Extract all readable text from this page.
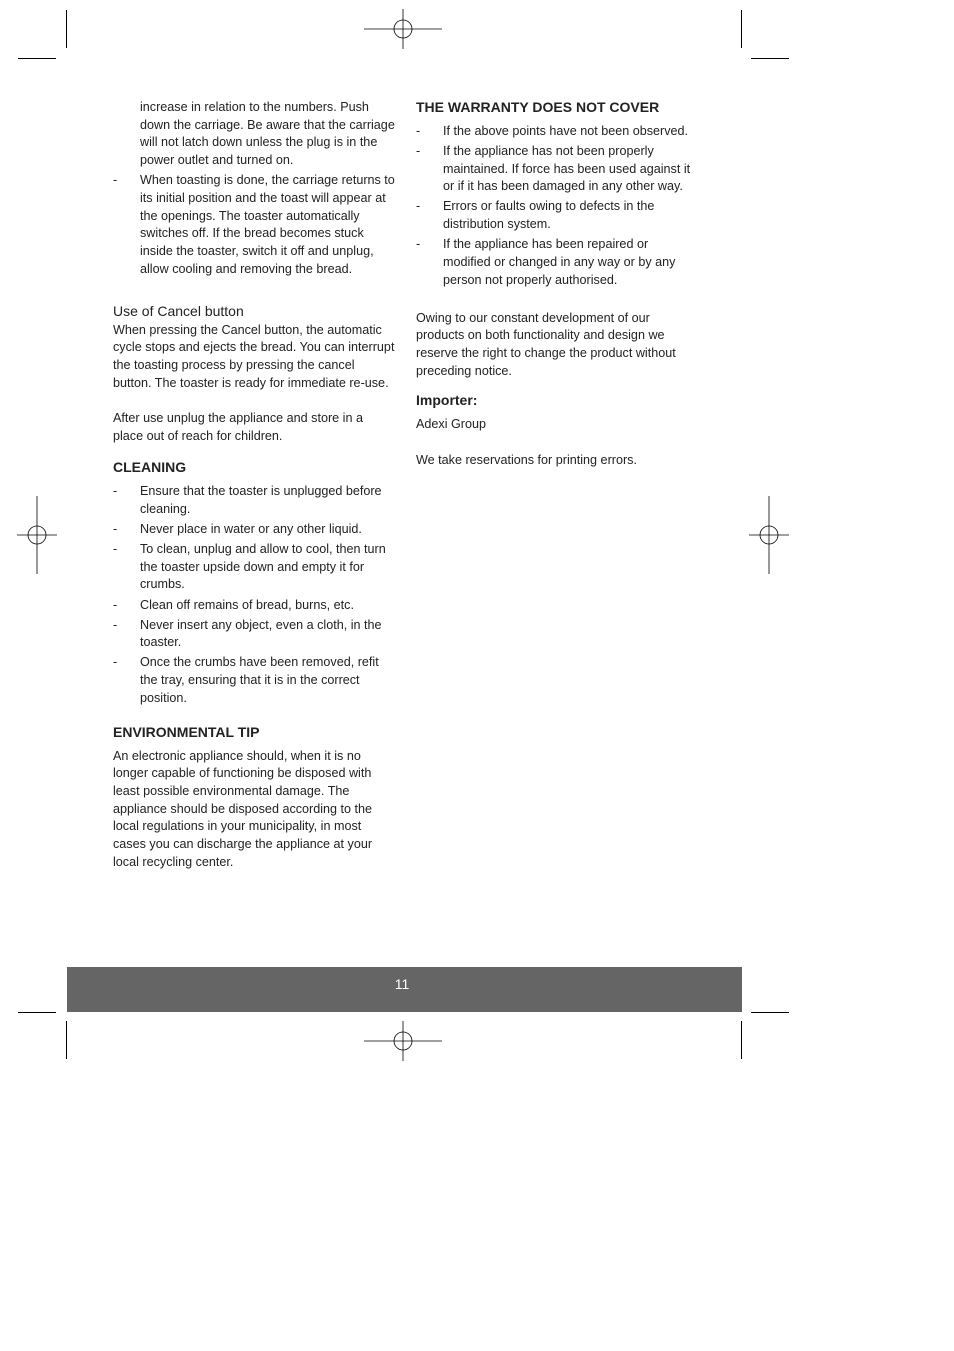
increase in relation to the numbers. Push down the carriage. Be aware that the carriage will not latch down unless the plug is in the power outlet and turned on.
- When toasting is done, the carriage returns to its initial position and the toast will appear at the openings. The toaster automatically switches off. If the bread becomes stuck inside the toaster, switch it off and unplug, allow cooling and removing the bread.

Use of Cancel button

When pressing the Cancel button, the automatic cycle stops and ejects the bread. You can interrupt the toasting process by pressing the cancel button. The toaster is ready for immediate re-use.

After use unplug the appliance and store in a place out of reach for children.

CLEANING

- Ensure that the toaster is unplugged before cleaning.
- Never place in water or any other liquid.
- To clean, unplug and allow to cool, then turn the toaster upside down and empty it for crumbs.
- Clean off remains of bread, burns, etc.
- Never insert any object, even a cloth, in the toaster.
- Once the crumbs have been removed, refit the tray, ensuring that it is in the correct position.

ENVIRONMENTAL TIP

An electronic appliance should, when it is no longer capable of functioning be disposed with least possible environmental damage. The appliance should be disposed according to the local regulations in your municipality, in most cases you can discharge the appliance at your local recycling center.

THE WARRANTY DOES NOT COVER

- If the above points have not been observed.
- If the appliance has not been properly maintained. If force has been used against it or if it has been damaged in any other way.
- Errors or faults owing to defects in the distribution system.
- If the appliance has been repaired or modified or changed in any way or by any person not properly authorised.

Owing to our constant development of our products on both functionality and design we reserve the right to change the product without preceding notice.

Importer:

Adexi Group

We take reservations for printing errors.

11
